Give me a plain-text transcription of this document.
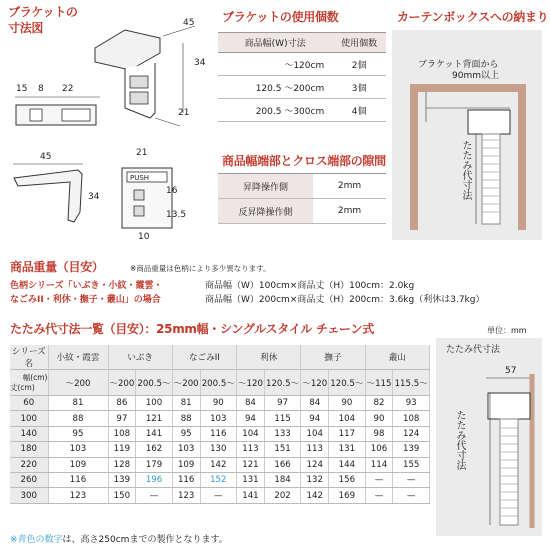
ブラケットの
寸法図	45
34
21
15 8 22
45
34
21
PUSH
16
13.5
10
ブラケットの使用個数
商品幅(W)寸法	使用個数
～120cm	2個
120.5 ～200cm	3個
200.5 ～300cm	4個
商品幅端部とクロス端部の隙間
昇降操作側	2mm
反昇降操作側	2mm
カーテンボックスへの納まり
ブラケット背面から
90mm以上
たたみ代寸法
商品重量（目安）	※商品重量は色柄により多少異なります。
色柄シリーズ「いぶき・小紋・霞雲・
なごみII・利休・撫子・叢山」の場合
商品幅（W）100cm×商品丈（H）100cm：2.0kg
商品幅（W）200cm×商品丈（H）200cm：3.6kg（利休は3.7kg）
たたみ代寸法一覧（目安）：25mm幅・シングルスタイル チェーン式	単位：mm
シリーズ名	小紋・霞雲	いぶき		なごみII		利休		撫子		叢山	

幅(cm)
丈(cm)	～200	～200	200.5～	～200	200.5～	～120	120.5～	～120	120.5～	～115	115.5～
60	81	86	100	81	90	84	97	84	90	82	93
100	88	97	121	88	103	94	115	94	104	90	108
140	95	108	141	95	116	104	133	104	117	98	124
180	103	119	162	103	130	113	151	113	131	106	139
220	109	128	179	109	142	121	166	124	144	114	155
260	116	139	196	116	152	131	184	132	156	—	—
300	123	150	—	123	—	141	202	142	169	—	—
たたみ代寸法
57
たたみ代寸法
※青色の数字は、高さ250cmまでの製作となります。
